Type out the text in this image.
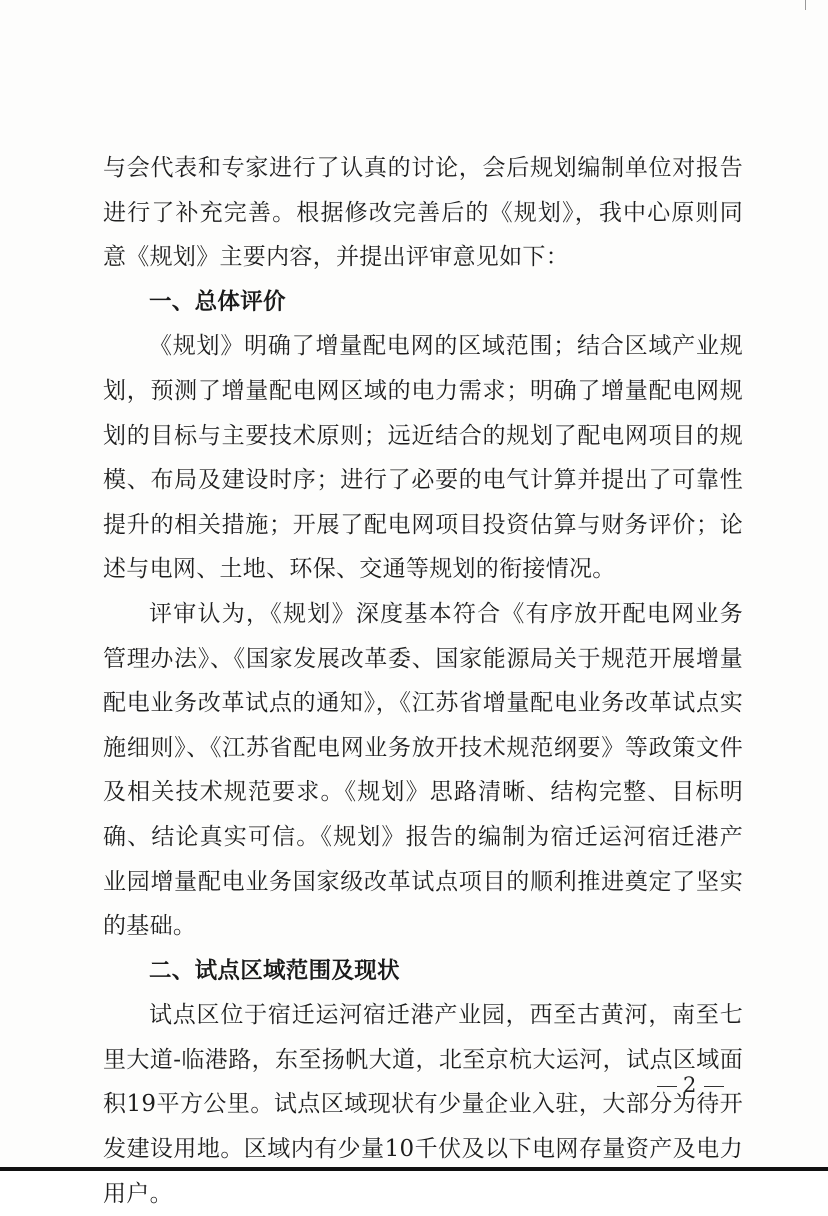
与会代表和专家进行了认真的讨论，会后规划编制单位对报告进行了补充完善。根据修改完善后的《规划》，我中心原则同意《规划》主要内容，并提出评审意见如下：

一、总体评价

《规划》明确了增量配电网的区域范围；结合区域产业规划，预测了增量配电网区域的电力需求；明确了增量配电网规划的目标与主要技术原则；远近结合的规划了配电网项目的规模、布局及建设时序；进行了必要的电气计算并提出了可靠性提升的相关措施；开展了配电网项目投资估算与财务评价；论述与电网、土地、环保、交通等规划的衔接情况。

评审认为，《规划》深度基本符合《有序放开配电网业务管理办法》、《国家发展改革委、国家能源局关于规范开展增量配电业务改革试点的通知》，《江苏省增量配电业务改革试点实施细则》、《江苏省配电网业务放开技术规范纲要》等政策文件及相关技术规范要求。《规划》思路清晰、结构完整、目标明确、结论真实可信。《规划》报告的编制为宿迁运河宿迁港产业园增量配电业务国家级改革试点项目的顺利推进奠定了坚实的基础。

二、试点区域范围及现状

试点区位于宿迁运河宿迁港产业园，西至古黄河，南至七里大道-临港路，东至扬帆大道，北至京杭大运河，试点区域面积19平方公里。试点区域现状有少量企业入驻，大部分为待开发建设用地。区域内有少量10千伏及以下电网存量资产及电力用户。

2
